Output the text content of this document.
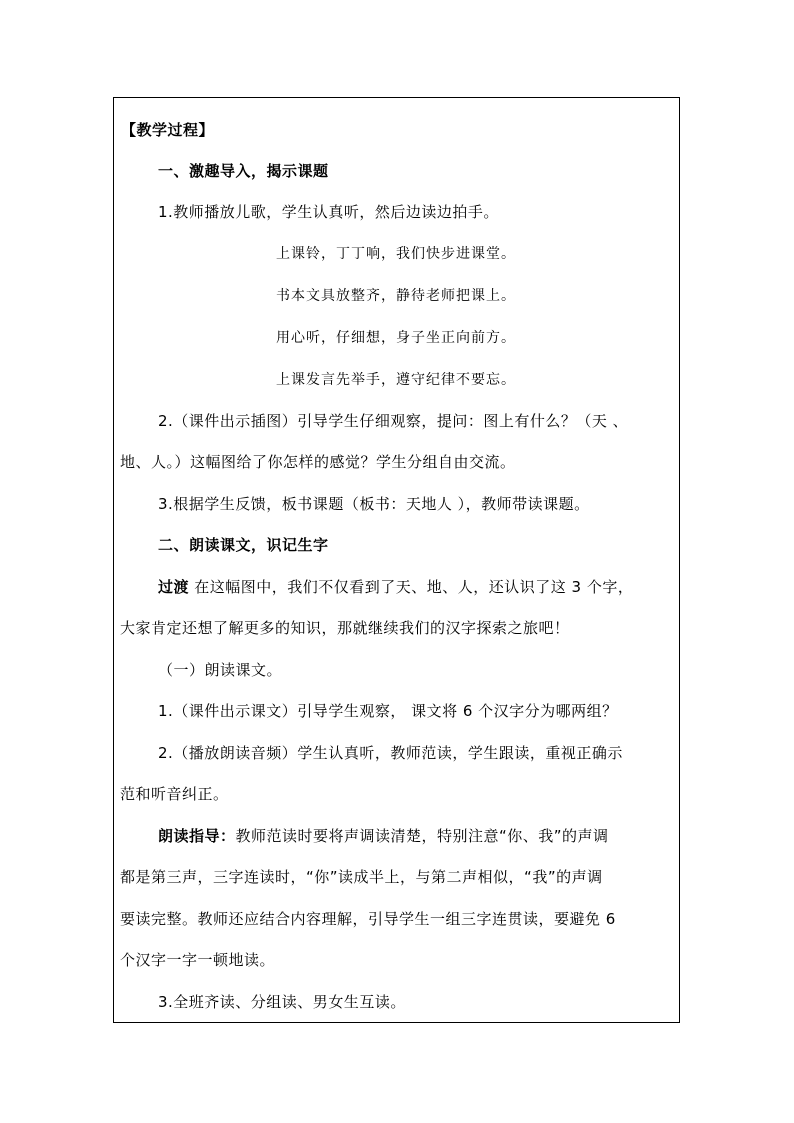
【教学过程】
一、激趣导入，揭示课题
1.教师播放儿歌，学生认真听，然后边读边拍手。
上课铃，丁丁响，我们快步进课堂。
书本文具放整齐，静待老师把课上。
用心听，仔细想，身子坐正向前方。
上课发言先举手，遵守纪律不要忘。
2.（课件出示插图）引导学生仔细观察，提问：图上有什么？（天 、
地、人。）这幅图给了你怎样的感觉？学生分组自由交流。
3.根据学生反馈，板书课题（板书：天地人 ），教师带读课题。
二、朗读课文，识记生字
过渡 在这幅图中，我们不仅看到了天、地、人，还认识了这 3 个字，
大家肯定还想了解更多的知识，那就继续我们的汉字探索之旅吧！
（一）朗读课文。
1.（课件出示课文）引导学生观察， 课文将 6 个汉字分为哪两组？
2.（播放朗读音频）学生认真听，教师范读，学生跟读，重视正确示
范和听音纠正。
朗读指导：教师范读时要将声调读清楚，特别注意“你、我”的声调
都是第三声，三字连读时，“你”读成半上，与第二声相似，“我”的声调
要读完整。教师还应结合内容理解，引导学生一组三字连贯读，要避免 6
个汉字一字一顿地读。
3.全班齐读、分组读、男女生互读。
